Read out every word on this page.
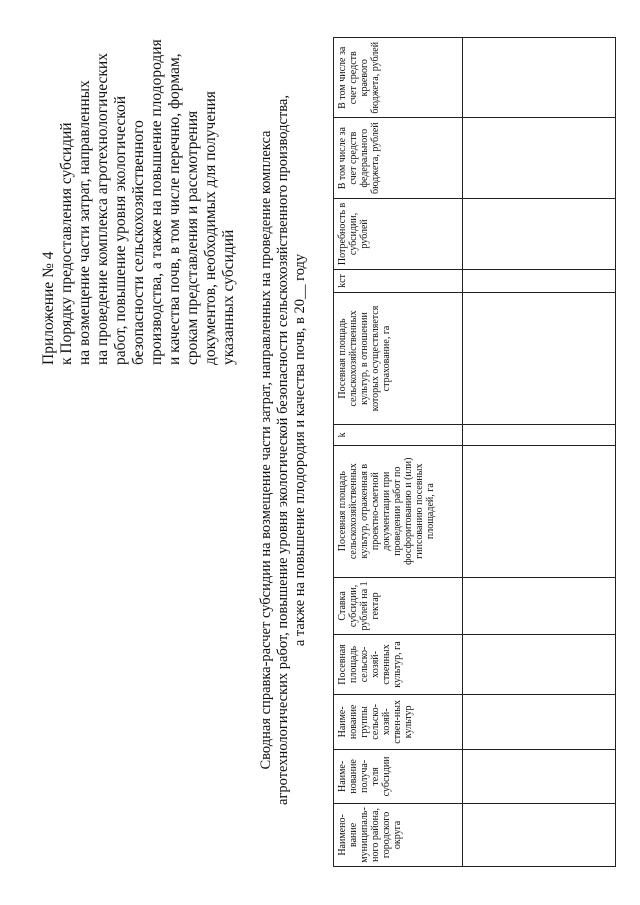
Приложение № 4 к Порядку предоставления субсидий на возмещение части затрат, направленных на проведение комплекса агротехнологических работ, повышение уровня экологической безопасности сельскохозяйственного производства, а также на повышение плодородия и качества почв, в том числе перечню, формам, срокам представления и рассмотрения документов, необходимых для получения указанных субсидий Сводная справка-расчет субсидии на возмещение части затрат, направленных на проведение комплекса агротехнологических работ, повышение уровня экологической безопасности сельскохозяйственного производства, а также на повышение плодородия и качества почв, в 20__ году
Наимено-вание муниципаль-ного района, городского округа	Наиме-нование получа-теля субсидии	Наиме-нование группы сельско-хозяй-ствен-ных культур	Посевная площадь сельско-хозяй-ственных культур, га	Ставка субсидии, рублей на 1 гектар	Посевная площадь сельскохозяйственных культур, отраженная в проектно-сметной документации при проведении работ по фосфоритованию и (или) гипсованию посевных площадей, га	k	Посевная площадь сельскохозяйственных культур, в отношении которых осуществляется страхование, га	kст	Потребность в субсидии, рублей	В том числе за счет средств федерального бюджета, рублей	В том числе за счет средств краевого бюджета, рублей
